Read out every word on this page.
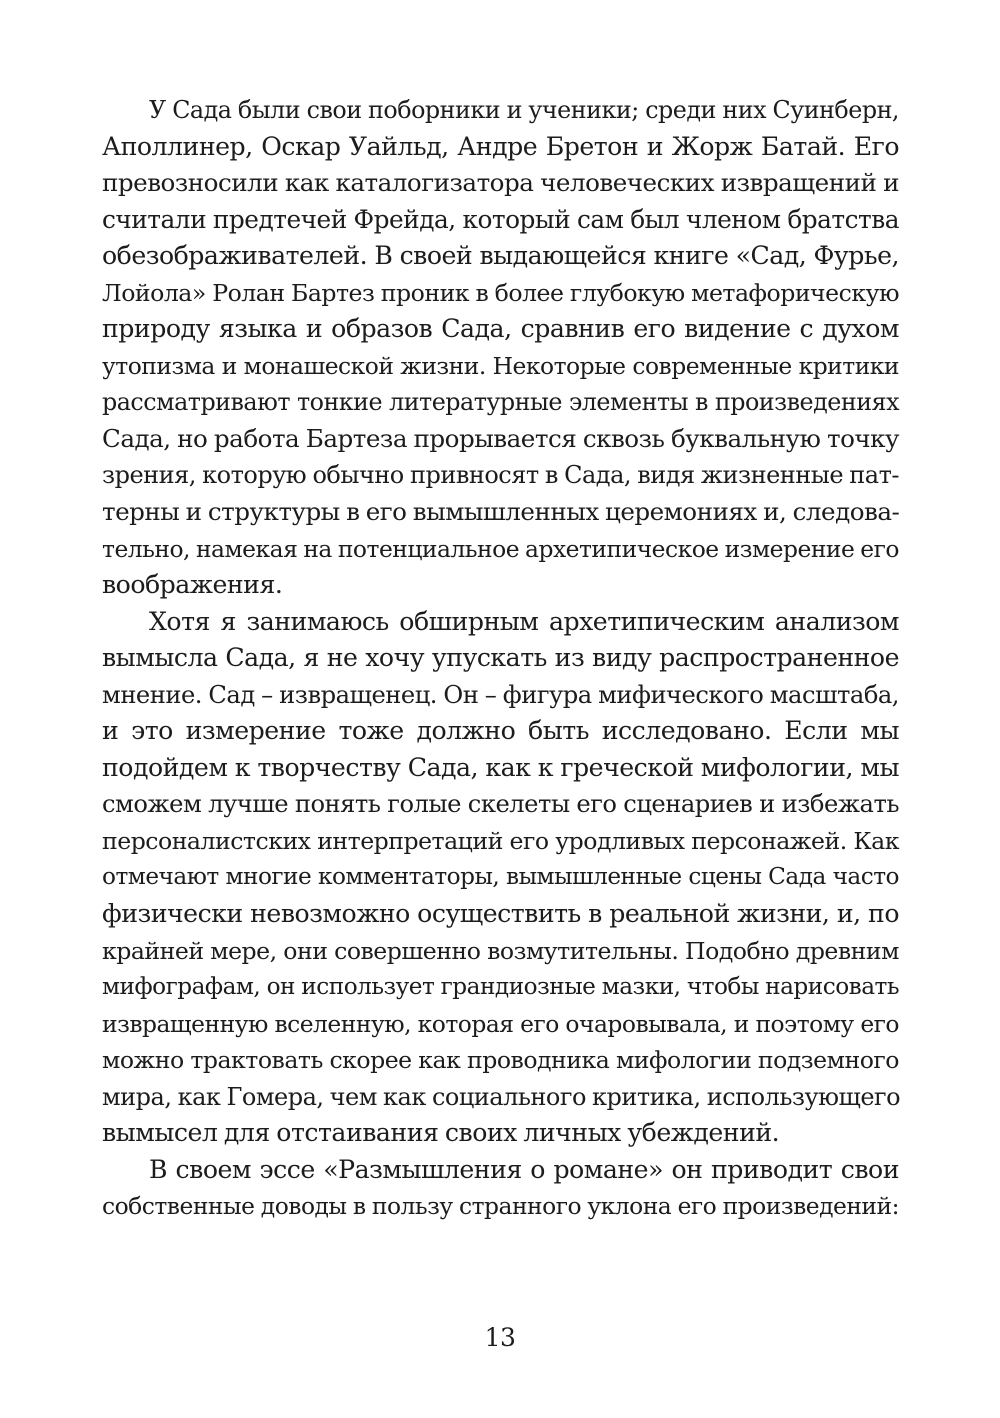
У Сада были свои поборники и ученики; среди них Суинберн,
Аполлинер, Оскар Уайльд, Андре Бретон и Жорж Батай. Его
превозносили как каталогизатора человеческих извращений и
считали предтечей Фрейда, который сам был членом братства
обезображивателей. В своей выдающейся книге «Сад, Фурье,
Лойола» Ролан Бартез проник в более глубокую метафорическую
природу языка и образов Сада, сравнив его видение с духом
утопизма и монашеской жизни. Некоторые современные критики
рассматривают тонкие литературные элементы в произведениях
Сада, но работа Бартеза прорывается сквозь буквальную точку
зрения, которую обычно привносят в Сада, видя жизненные пат-
терны и структуры в его вымышленных церемониях и, следова-
тельно, намекая на потенциальное архетипическое измерение его
воображения.
Хотя я занимаюсь обширным архетипическим анализом
вымысла Сада, я не хочу упускать из виду распространенное
мнение. Сад – извращенец. Он – фигура мифического масштаба,
и это измерение тоже должно быть исследовано. Если мы
подойдем к творчеству Сада, как к греческой мифологии, мы
сможем лучше понять голые скелеты его сценариев и избежать
персоналистских интерпретаций его уродливых персонажей. Как
отмечают многие комментаторы, вымышленные сцены Сада часто
физически невозможно осуществить в реальной жизни, и, по
крайней мере, они совершенно возмутительны. Подобно древним
мифографам, он использует грандиозные мазки, чтобы нарисовать
извращенную вселенную, которая его очаровывала, и поэтому его
можно трактовать скорее как проводника мифологии подземного
мира, как Гомера, чем как социального критика, использующего
вымысел для отстаивания своих личных убеждений.
В своем эссе «Размышления о романе» он приводит свои
собственные доводы в пользу странного уклона его произведений:
13
